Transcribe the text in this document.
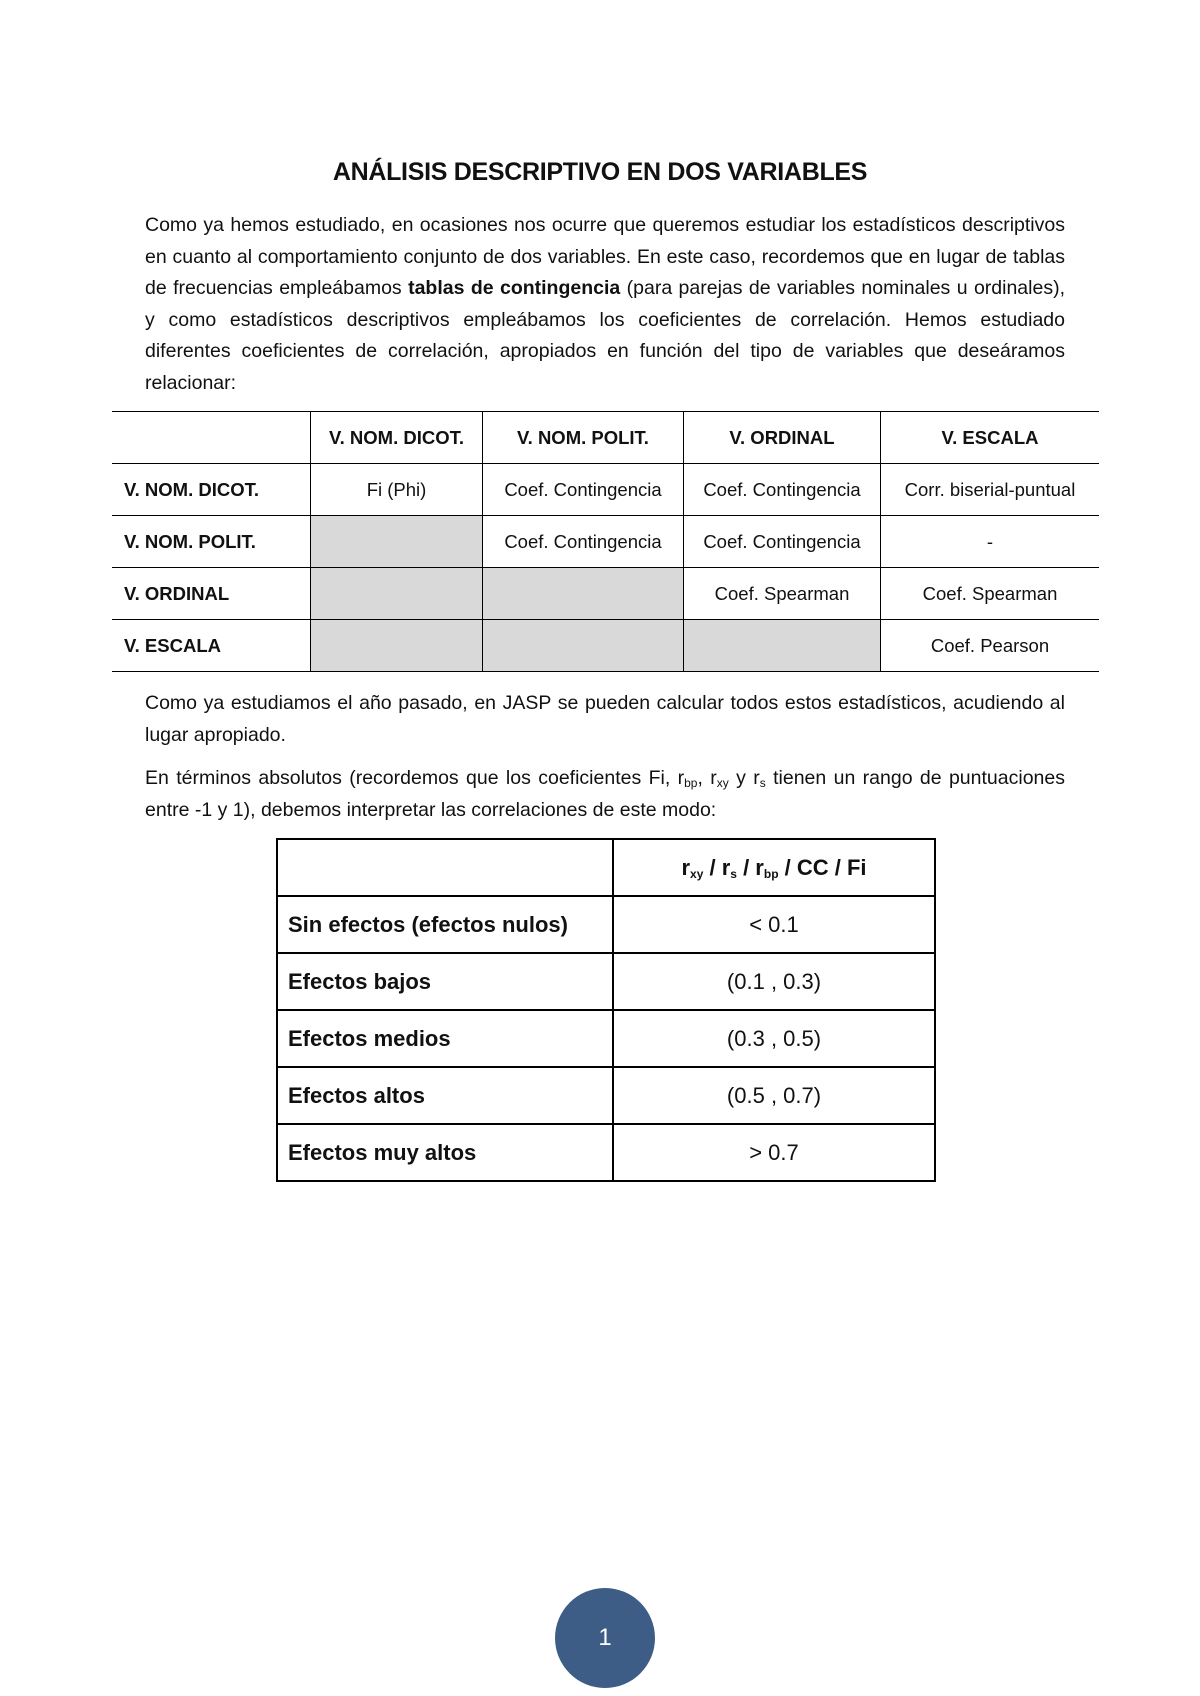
ANÁLISIS DESCRIPTIVO EN DOS VARIABLES

Como ya hemos estudiado, en ocasiones nos ocurre que queremos estudiar los estadísticos descriptivos en cuanto al comportamiento conjunto de dos variables. En este caso, recordemos que en lugar de tablas de frecuencias empleábamos tablas de contingencia (para parejas de variables nominales u ordinales), y como estadísticos descriptivos empleábamos los coeficientes de correlación. Hemos estudiado diferentes coeficientes de correlación, apropiados en función del tipo de variables que deseáramos relacionar:

	V. NOM. DICOT.	V. NOM. POLIT.	V. ORDINAL	V. ESCALA
V. NOM. DICOT.	Fi (Phi)	Coef. Contingencia	Coef. Contingencia	Corr. biserial-puntual
V. NOM. POLIT.		Coef. Contingencia	Coef. Contingencia	-
V. ORDINAL			Coef. Spearman	Coef. Spearman
V. ESCALA				Coef. Pearson

Como ya estudiamos el año pasado, en JASP se pueden calcular todos estos estadísticos, acudiendo al lugar apropiado.

En términos absolutos (recordemos que los coeficientes Fi, $r_{bp}$, $r_{xy}$ y $r_s$ tienen un rango de puntuaciones entre -1 y 1), debemos interpretar las correlaciones de este modo:

	$r_{xy} / r_s / r_{bp}$ / CC / Fi
Sin efectos (efectos nulos)	< 0.1
Efectos bajos	(0.1 , 0.3)
Efectos medios	(0.3 , 0.5)
Efectos altos	(0.5 , 0.7)
Efectos muy altos	> 0.7
1
